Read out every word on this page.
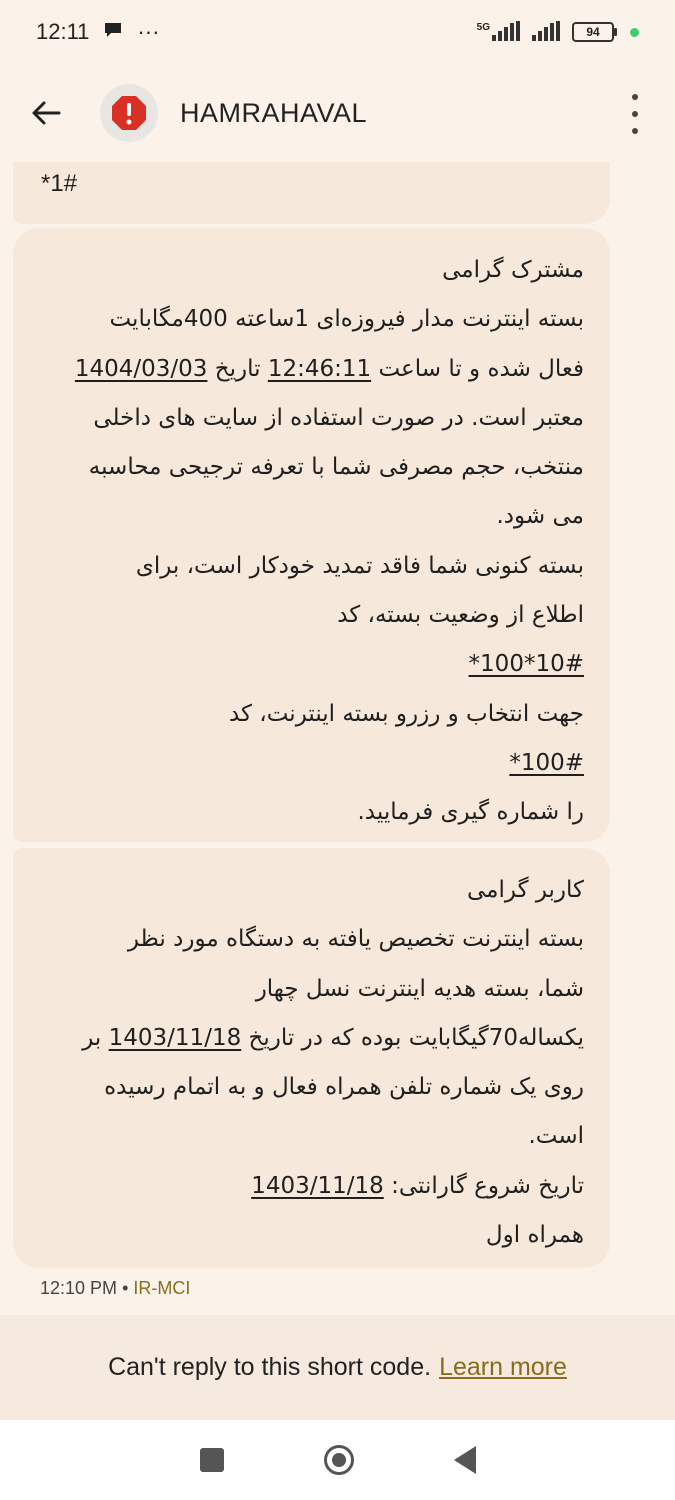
12:11 ···	5G	94
HAMRAHAVAL
*1#
مشترک گرامی
بسته اینترنت مدار فیروزه‌ای 1ساعته 400مگابایت
فعال شده و تا ساعت 12:46:11 تاریخ 1404/03/03
معتبر است. در صورت استفاده از سایت های داخلی
منتخب، حجم مصرفی شما با تعرفه ترجیحی محاسبه
می شود.
بسته کنونی شما فاقد تمدید خودکار است، برای
اطلاع از وضعیت بسته، کد
*100*10#
جهت انتخاب و رزرو بسته اینترنت، کد
*100#
را شماره گیری فرمایید.
کاربر گرامی
بسته اینترنت تخصیص یافته به دستگاه مورد نظر
شما، بسته هدیه اینترنت نسل چهار
یکساله70گیگابایت بوده که در تاریخ 1403/11/18 بر
روی یک شماره تلفن همراه فعال و به اتمام رسیده
است.
تاریخ شروع گارانتی: 1403/11/18
همراه اول
12:10 PM • IR-MCI
Can't reply to this short code. Learn more
